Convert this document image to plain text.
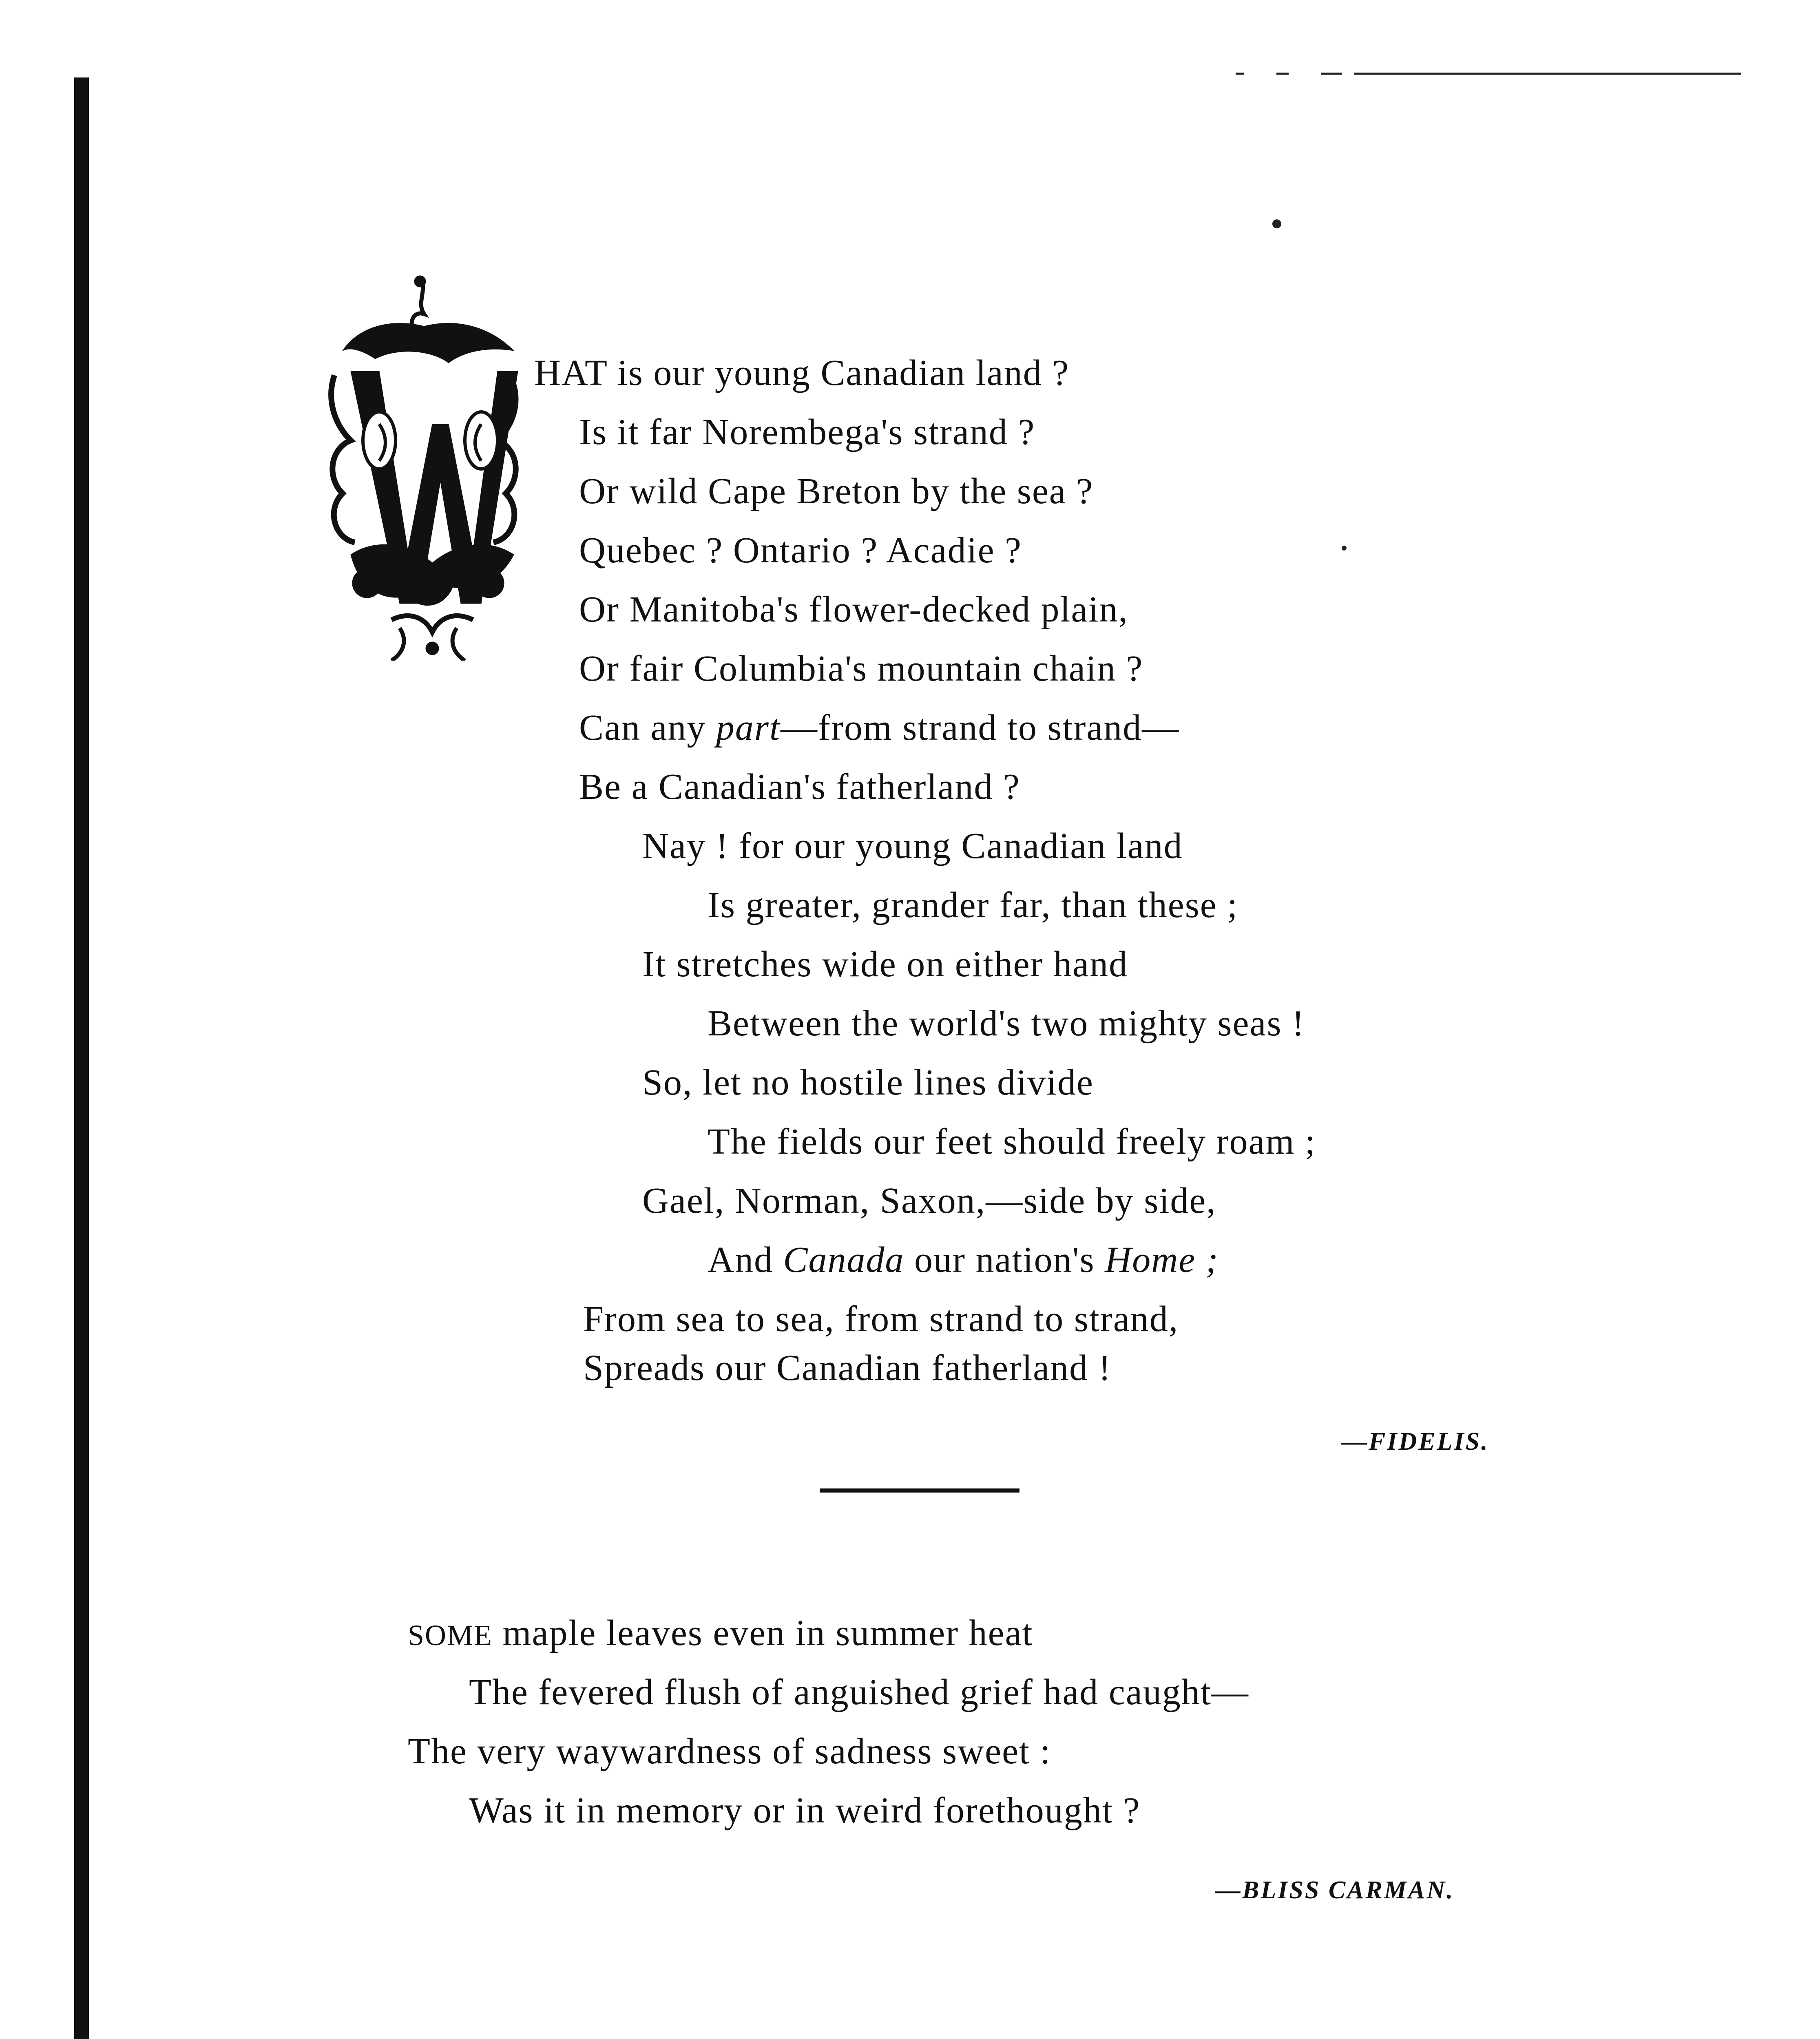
HAT is our young Canadian land ?
Is it far Norembega's strand ?
Or wild Cape Breton by the sea ?
Quebec ? Ontario ? Acadie ?
Or Manitoba's flower-decked plain,
Or fair Columbia's mountain chain ?
Can any part—from strand to strand—
Be a Canadian's fatherland ?
Nay ! for our young Canadian land
Is greater, grander far, than these ;
It stretches wide on either hand
Between the world's two mighty seas !
So, let no hostile lines divide
The fields our feet should freely roam ;
Gael, Norman, Saxon,—side by side,
And Canada our nation's Home ;
From sea to sea, from strand to strand,
Spreads our Canadian fatherland !
—FIDELIS.
SOME maple leaves even in summer heat
The fevered flush of anguished grief had caught—
The very waywardness of sadness sweet :
Was it in memory or in weird forethought ?
—BLISS CARMAN.
